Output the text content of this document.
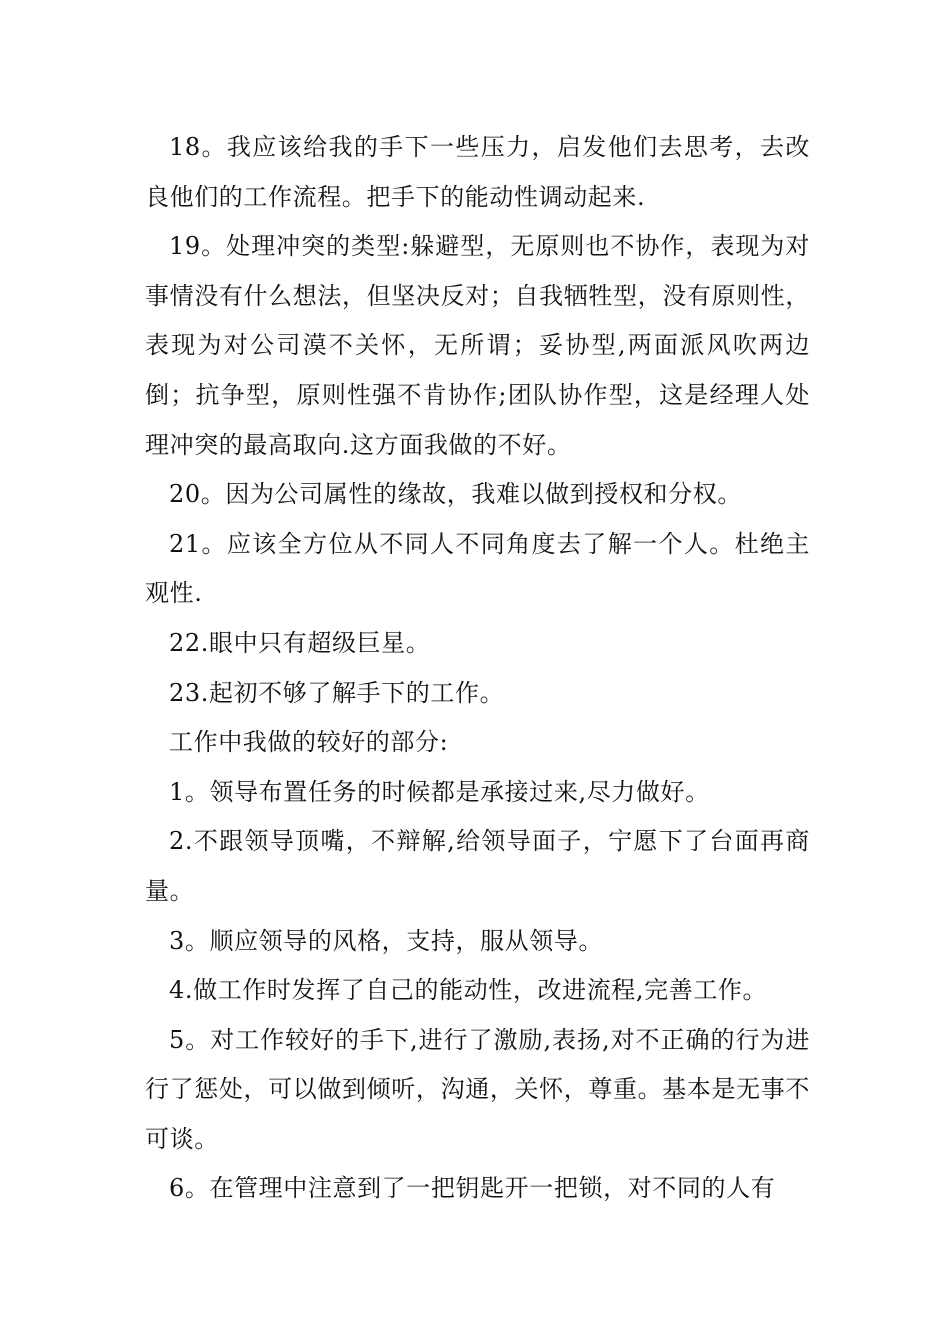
18。我应该给我的手下一些压力，启发他们去思考，去改良他们的工作流程。把手下的能动性调动起来.

19。处理冲突的类型:躲避型，无原则也不协作，表现为对事情没有什么想法，但坚决反对；自我牺牲型，没有原则性，表现为对公司漠不关怀，无所谓；妥协型,两面派风吹两边倒；抗争型，原则性强不肯协作;团队协作型，这是经理人处理冲突的最高取向.这方面我做的不好。

20。因为公司属性的缘故，我难以做到授权和分权。

21。应该全方位从不同人不同角度去了解一个人。杜绝主观性.

22.眼中只有超级巨星。

23.起初不够了解手下的工作。

工作中我做的较好的部分:

1。领导布置任务的时候都是承接过来,尽力做好。

2.不跟领导顶嘴，不辩解,给领导面子，宁愿下了台面再商量。

3。顺应领导的风格，支持，服从领导。

4.做工作时发挥了自己的能动性，改进流程,完善工作。

5。对工作较好的手下,进行了激励,表扬,对不正确的行为进行了惩处，可以做到倾听，沟通，关怀，尊重。基本是无事不可谈。

6。在管理中注意到了一把钥匙开一把锁，对不同的人有
